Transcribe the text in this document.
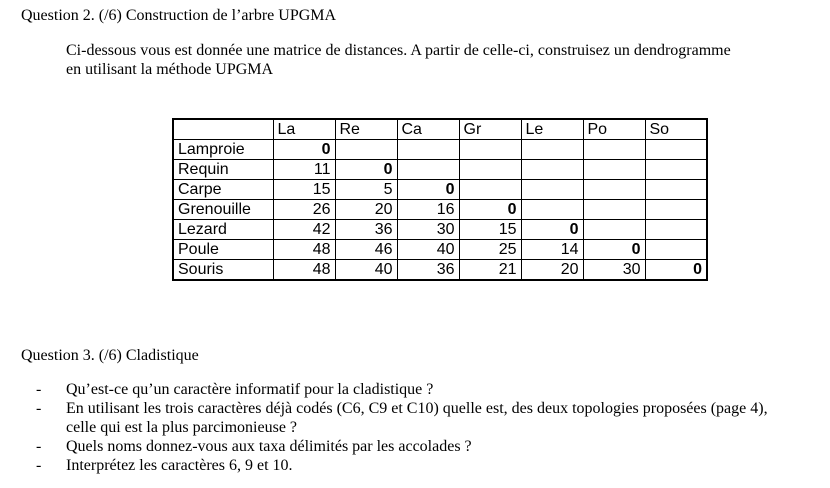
Question 2. (/6) Construction de l’arbre UPGMA
Ci-dessous vous est donnée une matrice de distances. A partir de celle-ci, construisez un dendrogramme
en utilisant la méthode UPGMA
	La	Re	Ca	Gr	Le	Po	So
Lamproie	0						
Requin	11	0					
Carpe	15	5	0				
Grenouille	26	20	16	0			
Lezard	42	36	30	15	0		
Poule	48	46	40	25	14	0	
Souris	48	40	36	21	20	30	0
Question 3. (/6) Cladistique
- Qu’est-ce qu’un caractère informatif pour la cladistique ?
- En utilisant les trois caractères déjà codés (C6, C9 et C10) quelle est, des deux topologies proposées (page 4),
celle qui est la plus parcimonieuse ?
- Quels noms donnez-vous aux taxa délimités par les accolades ?
- Interprétez les caractères 6, 9 et 10.
